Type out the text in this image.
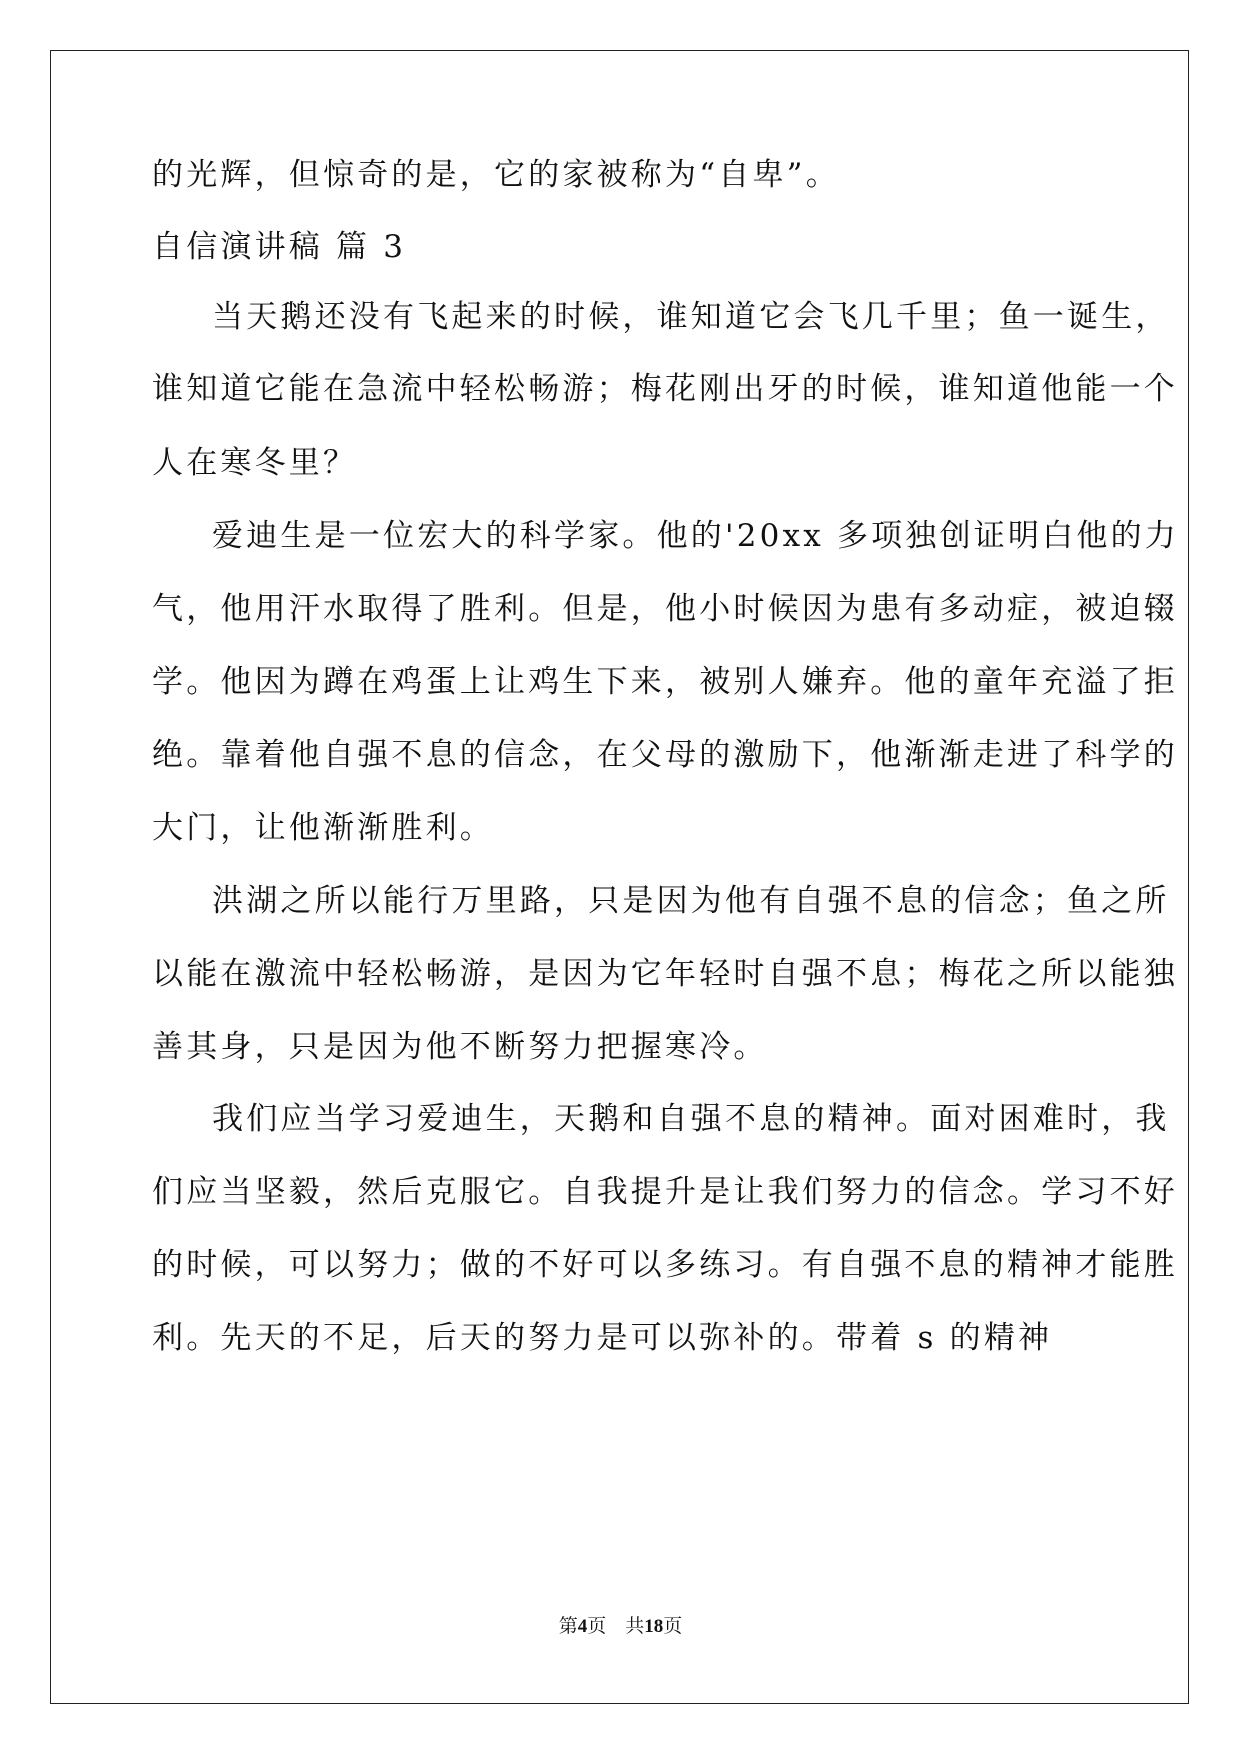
的光辉，但惊奇的是，它的家被称为“自卑”。
自信演讲稿 篇 3
当天鹅还没有飞起来的时候，谁知道它会飞几千里；鱼一诞生，
谁知道它能在急流中轻松畅游；梅花刚出牙的时候，谁知道他能一个
人在寒冬里？
爱迪生是一位宏大的科学家。他的'20xx 多项独创证明白他的力
气，他用汗水取得了胜利。但是，他小时候因为患有多动症，被迫辍
学。他因为蹲在鸡蛋上让鸡生下来，被别人嫌弃。他的童年充溢了拒
绝。靠着他自强不息的信念，在父母的激励下，他渐渐走进了科学的
大门，让他渐渐胜利。
洪湖之所以能行万里路，只是因为他有自强不息的信念；鱼之所
以能在激流中轻松畅游，是因为它年轻时自强不息；梅花之所以能独
善其身，只是因为他不断努力把握寒冷。
我们应当学习爱迪生，天鹅和自强不息的精神。面对困难时，我
们应当坚毅，然后克服它。自我提升是让我们努力的信念。学习不好
的时候，可以努力；做的不好可以多练习。有自强不息的精神才能胜
利。先天的不足，后天的努力是可以弥补的。带着 s 的精神
第4页 共18页
